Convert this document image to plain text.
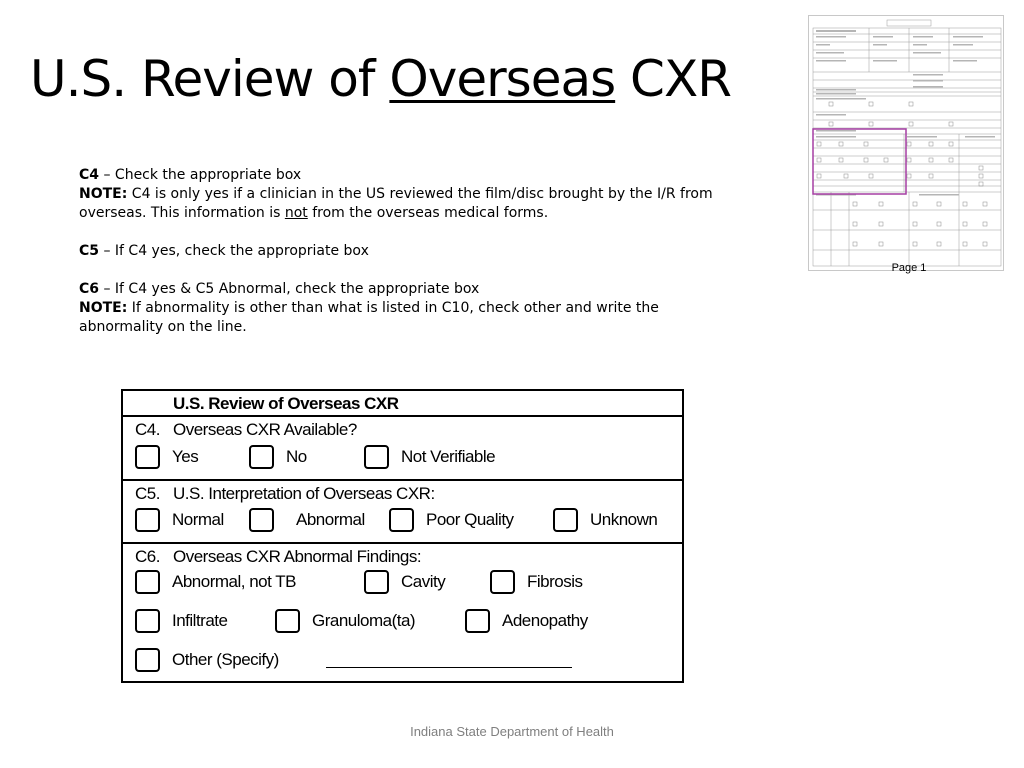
U.S. Review of Overseas CXR

C4 – Check the appropriate box

NOTE: C4 is only yes if a clinician in the US reviewed the film/disc brought by the I/R from overseas. This information is not from the overseas medical forms.

C5 – If C4 yes, check the appropriate box

C6 – If C4 yes & C5 Abnormal, check the appropriate box

NOTE: If abnormality is other than what is listed in C10, check other and write the abnormality on the line.

Page 1
U.S. Review of Overseas CXR
C4. Overseas CXR Available?
Yes	No	Not Verifiable
C5. U.S. Interpretation of Overseas CXR:
Normal	Abnormal	Poor Quality	Unknown
C6. Overseas CXR Abnormal Findings:
Abnormal, not TB	Cavity	Fibrosis
Infiltrate	Granuloma(ta)	Adenopathy
Other (Specify)
Indiana State Department of Health
